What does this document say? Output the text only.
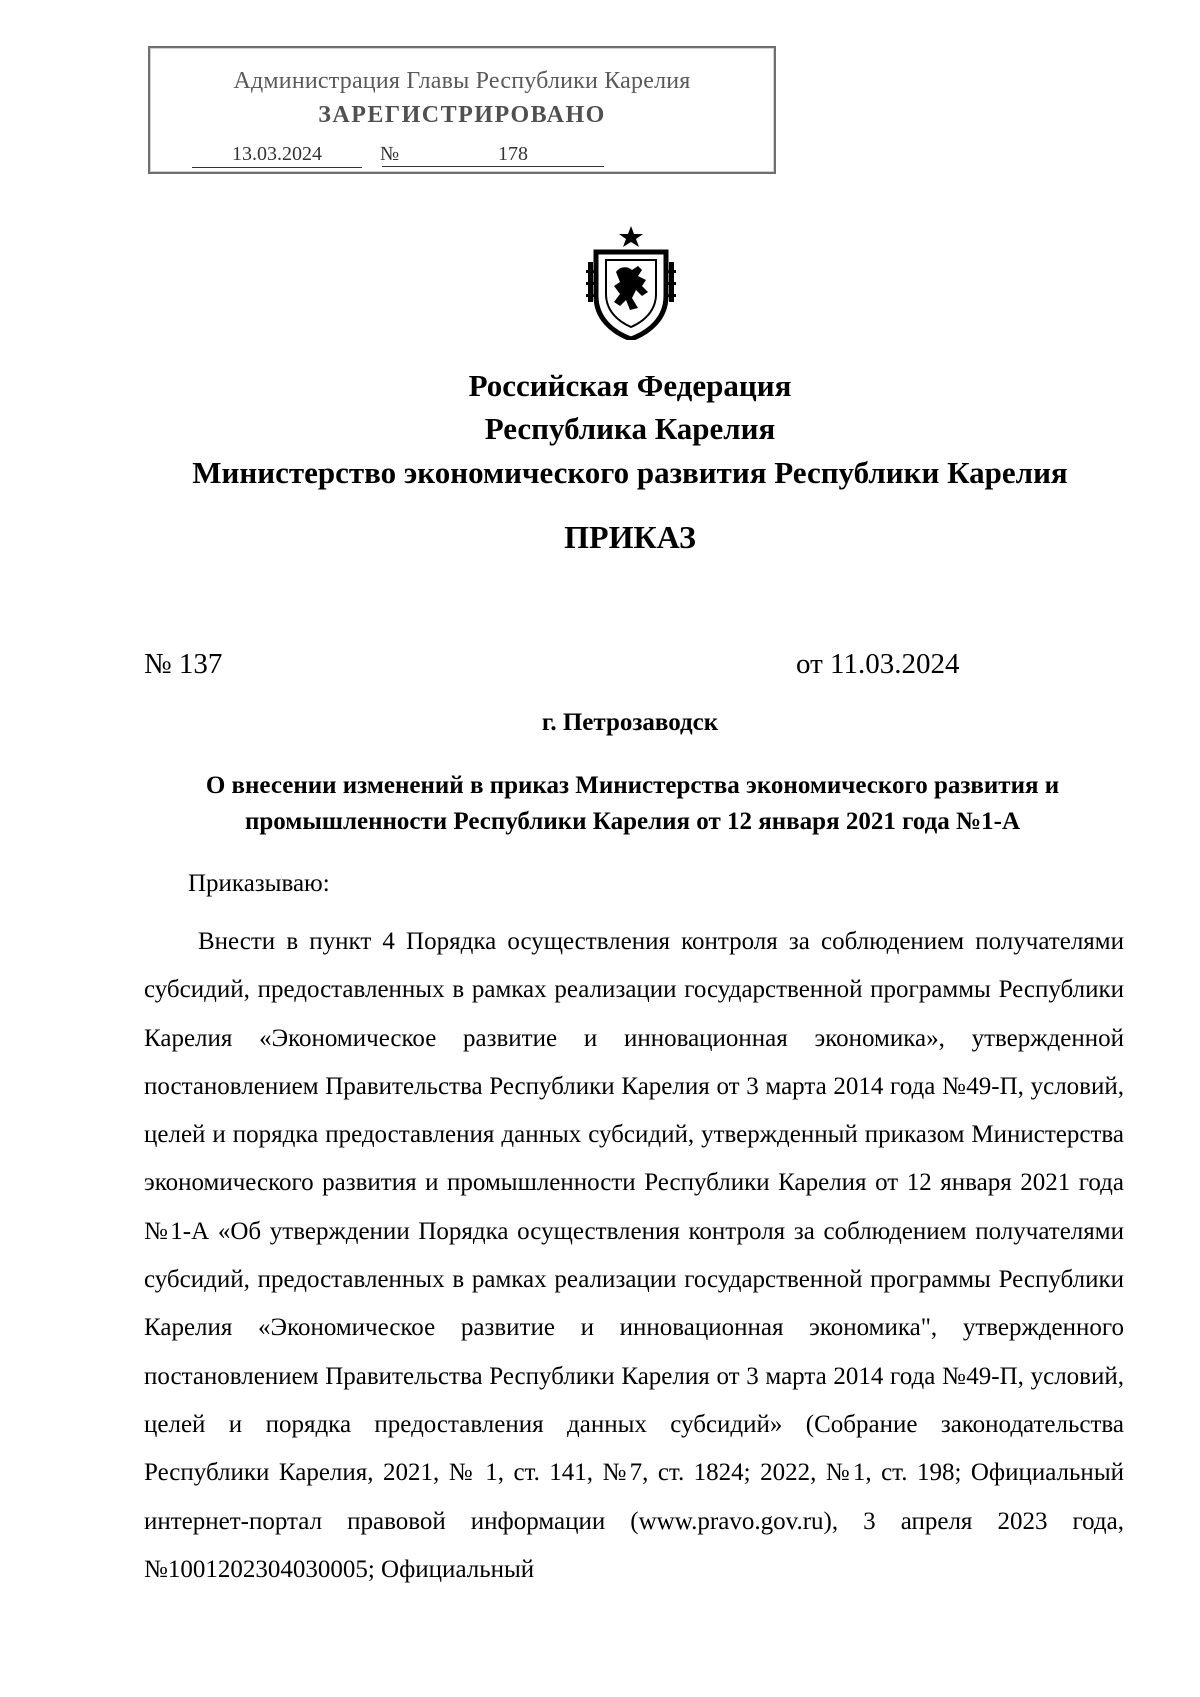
Администрация Главы Республики Карелия
ЗАРЕГИСТРИРОВАНО
13.03.2024	№	178
Российская Федерация
Республика Карелия
Министерство экономического развития Республики Карелия
ПРИКАЗ
№ 137	от 11.03.2024
г. Петрозаводск
О внесении изменений в приказ Министерства экономического развития и промышленности Республики Карелия от 12 января 2021 года №1-А
Приказываю:

Внести в пункт 4 Порядка осуществления контроля за соблюдением получателями субсидий, предоставленных в рамках реализации государственной программы Республики Карелия «Экономическое развитие и инновационная экономика», утвержденной постановлением Правительства Республики Карелия от 3 марта 2014 года №49-П, условий, целей и порядка предоставления данных субсидий, утвержденный приказом Министерства экономического развития и промышленности Республики Карелия от 12 января 2021 года №1-А «Об утверждении Порядка осуществления контроля за соблюдением получателями субсидий, предоставленных в рамках реализации государственной программы Республики Карелия «Экономическое развитие и инновационная экономика", утвержденного постановлением Правительства Республики Карелия от 3 марта 2014 года №49-П, условий, целей и порядка предоставления данных субсидий» (Собрание законодательства Республики Карелия, 2021, № 1, ст. 141, №7, ст. 1824; 2022, №1, ст. 198; Официальный интернет-портал правовой информации (www.pravo.gov.ru), 3 апреля 2023 года, №1001202304030005; Официальный
